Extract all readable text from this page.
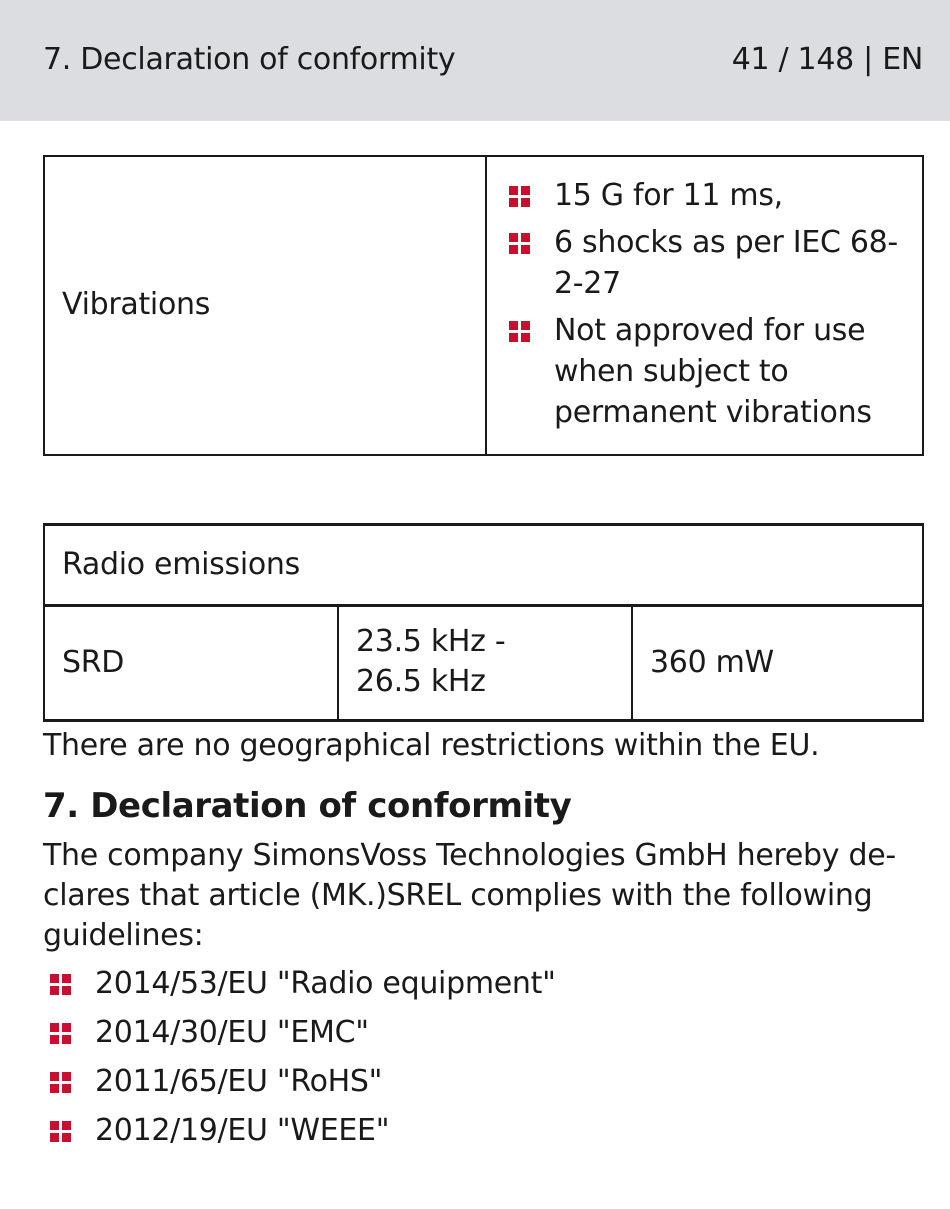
7. Declaration of conformity	41 / 148 | EN
Vibrations
15 G for 11 ms,
6 shocks as per IEC 68-2-27
Not approved for use when subject to permanent vibrations
Radio emissions
SRD
23.5 kHz - 26.5 kHz
360 mW
There are no geographical restrictions within the EU.
7. Declaration of conformity

The company SimonsVoss Technologies GmbH hereby de-clares that article (MK.)SREL complies with the following guidelines:

2014/53/EU "Radio equipment"
2014/30/EU "EMC"
2011/65/EU "RoHS"
2012/19/EU "WEEE"
